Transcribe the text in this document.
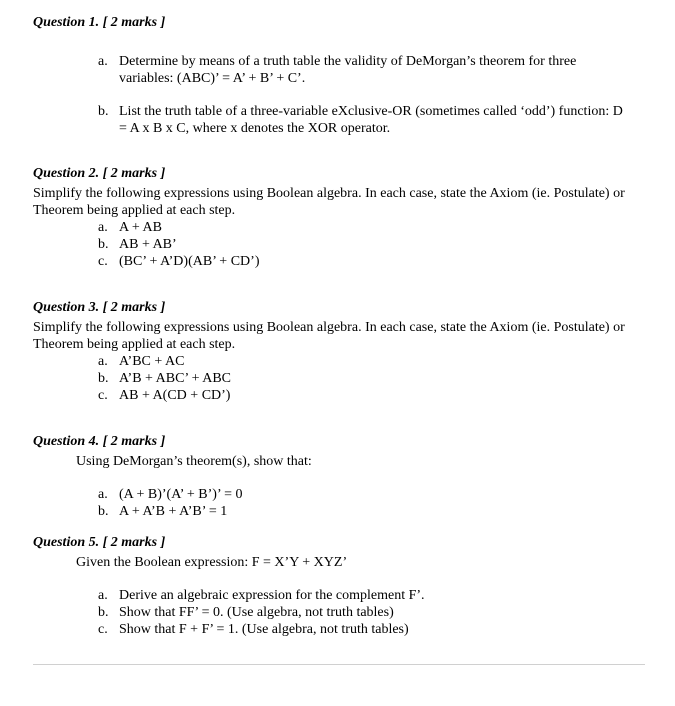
Question 1. [ 2 marks ]

a. Determine by means of a truth table the validity of DeMorgan’s theorem for three variables: (ABC)’ = A’ + B’ + C’.
b. List the truth table of a three-variable eXclusive-OR (sometimes called ‘odd’) function: D = A x B x C, where x denotes the XOR operator.

Question 2. [ 2 marks ]

Simplify the following expressions using Boolean algebra. In each case, state the Axiom (ie. Postulate) or Theorem being applied at each step.

a. A + AB
b. AB + AB’
c. (BC’ + A’D)(AB’ + CD’)

Question 3. [ 2 marks ]

Simplify the following expressions using Boolean algebra. In each case, state the Axiom (ie. Postulate) or Theorem being applied at each step.

a. A’BC + AC
b. A’B + ABC’ + ABC
c. AB + A(CD + CD’)

Question 4. [ 2 marks ]

Using DeMorgan’s theorem(s), show that:

a. (A + B)’(A’ + B’)’ = 0
b. A + A’B + A’B’ = 1

Question 5. [ 2 marks ]

Given the Boolean expression: F = X’Y + XYZ’

a. Derive an algebraic expression for the complement F’.
b. Show that FF’ = 0. (Use algebra, not truth tables)
c. Show that F + F’ = 1. (Use algebra, not truth tables)
